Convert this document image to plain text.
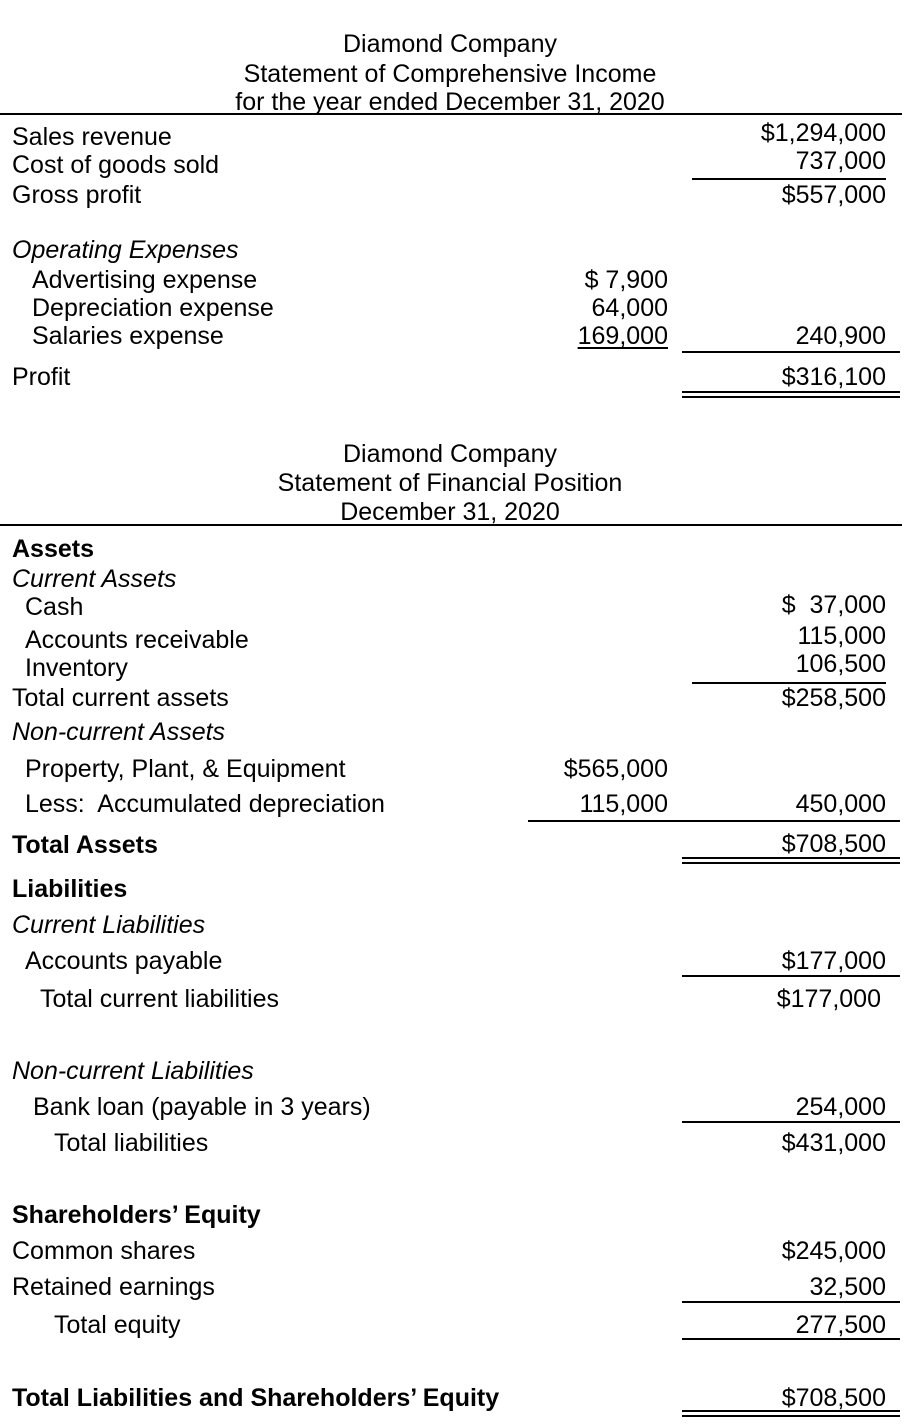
Diamond Company
Statement of Comprehensive Income
for the year ended December 31, 2020
Sales revenue	$1,294,000
Cost of goods sold	737,000
Gross profit	$557,000
Operating Expenses
Advertising expense	$ 7,900
Depreciation expense	64,000
Salaries expense	169,000	240,900
Profit	$316,100
Diamond Company
Statement of Financial Position
December 31, 2020
Assets
Current Assets
Cash	$  37,000
Accounts receivable	115,000
Inventory	106,500
Total current assets	$258,500
Non-current Assets
Property, Plant, & Equipment	$565,000
Less:  Accumulated depreciation	115,000	450,000
Total Assets	$708,500
Liabilities
Current Liabilities
Accounts payable	$177,000
Total current liabilities	$177,000
Non-current Liabilities
Bank loan (payable in 3 years)	254,000
Total liabilities	$431,000
Shareholders’ Equity
Common shares	$245,000
Retained earnings	32,500
Total equity	277,500
Total Liabilities and Shareholders’ Equity	$708,500
